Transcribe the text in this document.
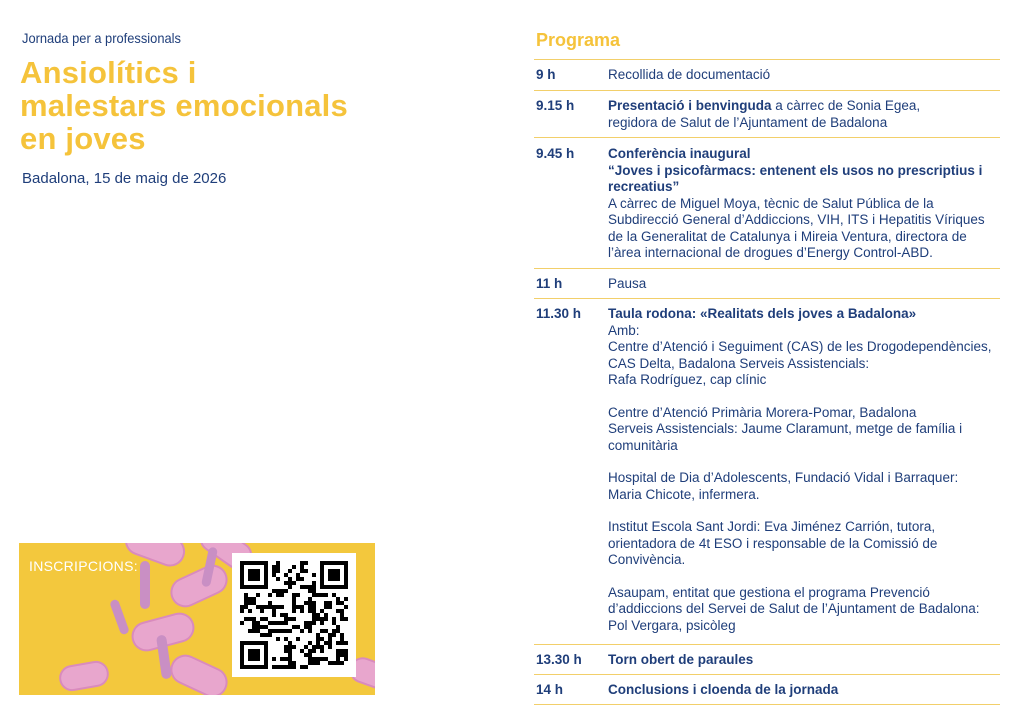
Jornada per a professionals
Ansiolítics i
malestars emocionals
en joves
Badalona, 15 de maig de 2026
INSCRIPCIONS:
Programa
9 h	Recollida de documentació
9.15 h Presentació i benvinguda a càrrec de Sonia Egea,
regidora de Salut de l’Ajuntament de Badalona
9.45 h Conferència inaugural
“Joves i psicofàrmacs: entenent els usos no prescriptius i
recreatius”
A càrrec de Miguel Moya, tècnic de Salut Pública de la
Subdirecció General d’Addiccions, VIH, ITS i Hepatitis Víriques
de la Generalitat de Catalunya i Mireia Ventura, directora de
l’àrea internacional de drogues d’Energy Control-ABD.
11 h	Pausa
11.30 h Taula rodona: «Realitats dels joves a Badalona»
Amb:
Centre d’Atenció i Seguiment (CAS) de les Drogodependències,
CAS Delta, Badalona Serveis Assistencials:
Rafa Rodríguez, cap clínic
Centre d’Atenció Primària Morera-Pomar, Badalona
Serveis Assistencials: Jaume Claramunt, metge de família i
comunitària
Hospital de Dia d’Adolescents, Fundació Vidal i Barraquer:
Maria Chicote, infermera.
Institut Escola Sant Jordi: Eva Jiménez Carrión, tutora,
orientadora de 4t ESO i responsable de la Comissió de
Convivència.
Asaupam, entitat que gestiona el programa Prevenció
d’addiccions del Servei de Salut de l’Ajuntament de Badalona:
Pol Vergara, psicòleg
13.30 h Torn obert de paraules
14 h	Conclusions i cloenda de la jornada
